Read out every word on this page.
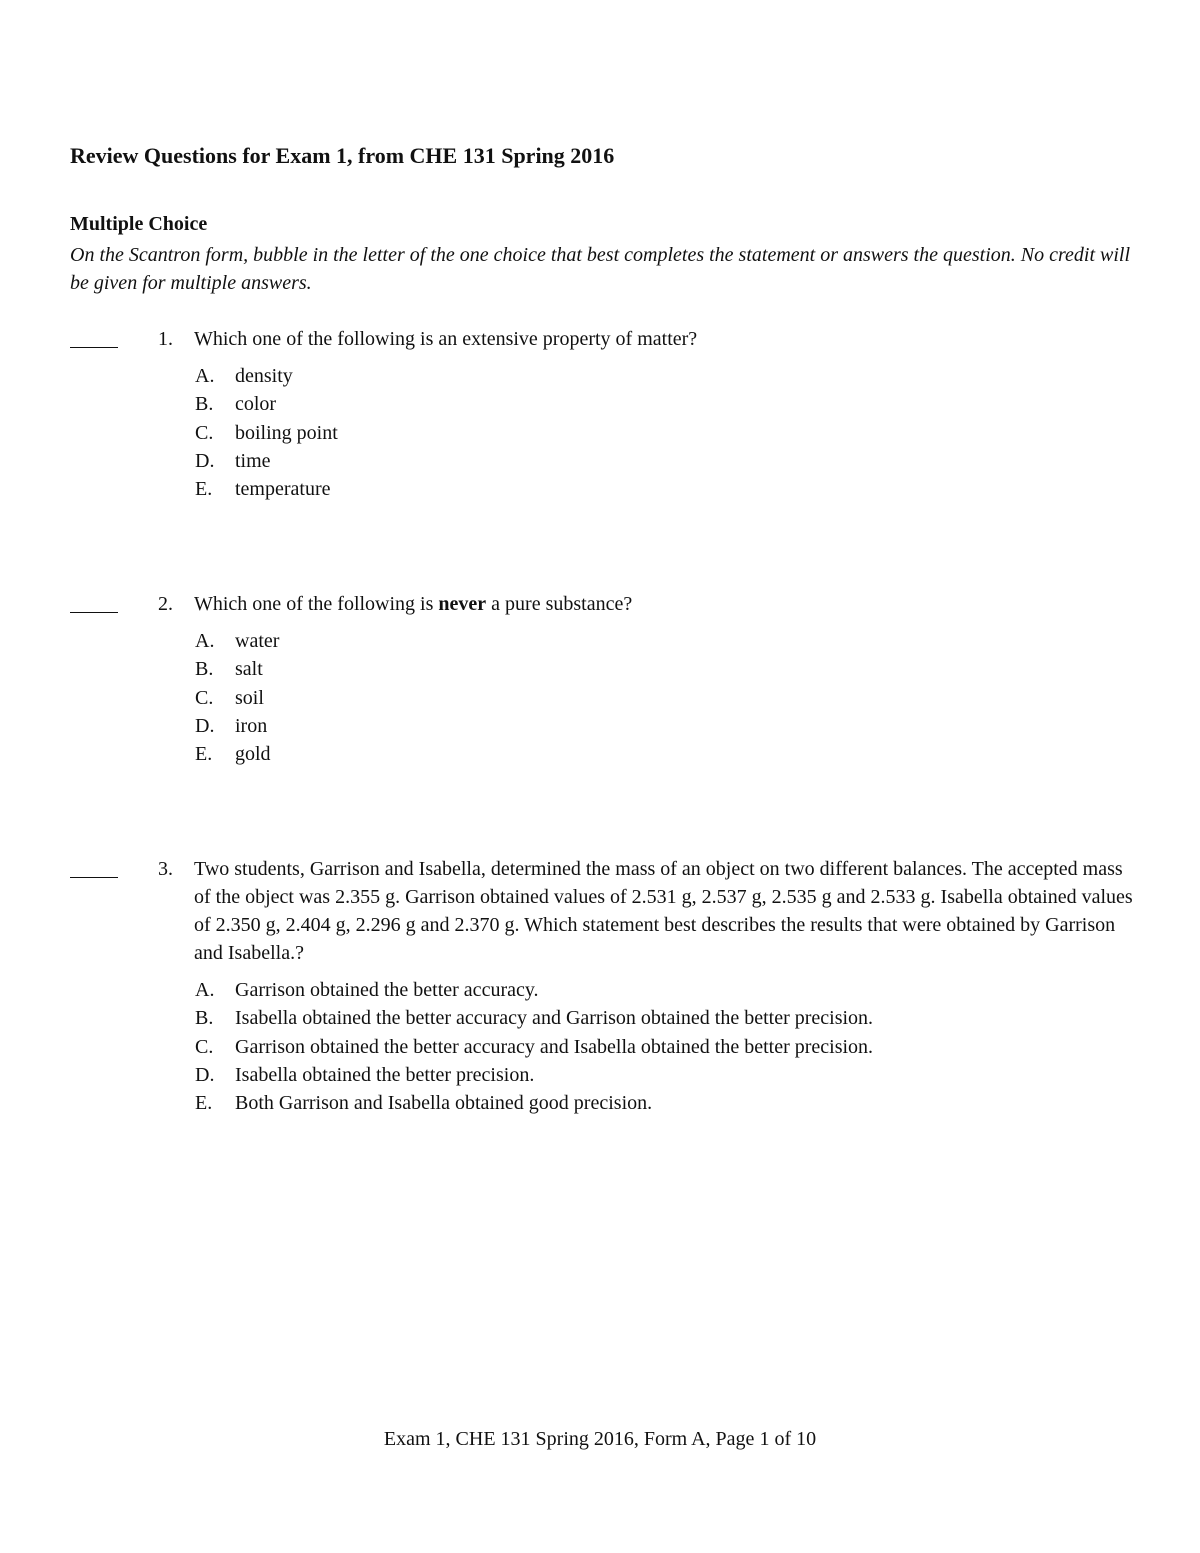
Review Questions for Exam 1, from CHE 131 Spring 2016
Multiple Choice
On the Scantron form, bubble in the letter of the one choice that best completes the statement or answers the question. No credit will be given for multiple answers.
1.	Which one of the following is an extensive property of matter?
A.	density
B.	color
C.	boiling point
D.	time
E.	temperature
2.	Which one of the following is never a pure substance?
A.	water
B.	salt
C.	soil
D.	iron
E.	gold
3.	Two students, Garrison and Isabella, determined the mass of an object on two different balances. The accepted mass of the object was 2.355 g. Garrison obtained values of 2.531 g, 2.537 g, 2.535 g and 2.533 g. Isabella obtained values of 2.350 g, 2.404 g, 2.296 g and 2.370 g. Which statement best describes the results that were obtained by Garrison and Isabella.?
A.	Garrison obtained the better accuracy.
B.	Isabella obtained the better accuracy and Garrison obtained the better precision.
C.	Garrison obtained the better accuracy and Isabella obtained the better precision.
D.	Isabella obtained the better precision.
E.	Both Garrison and Isabella obtained good precision.
Exam 1, CHE 131 Spring 2016, Form A, Page 1 of 10
